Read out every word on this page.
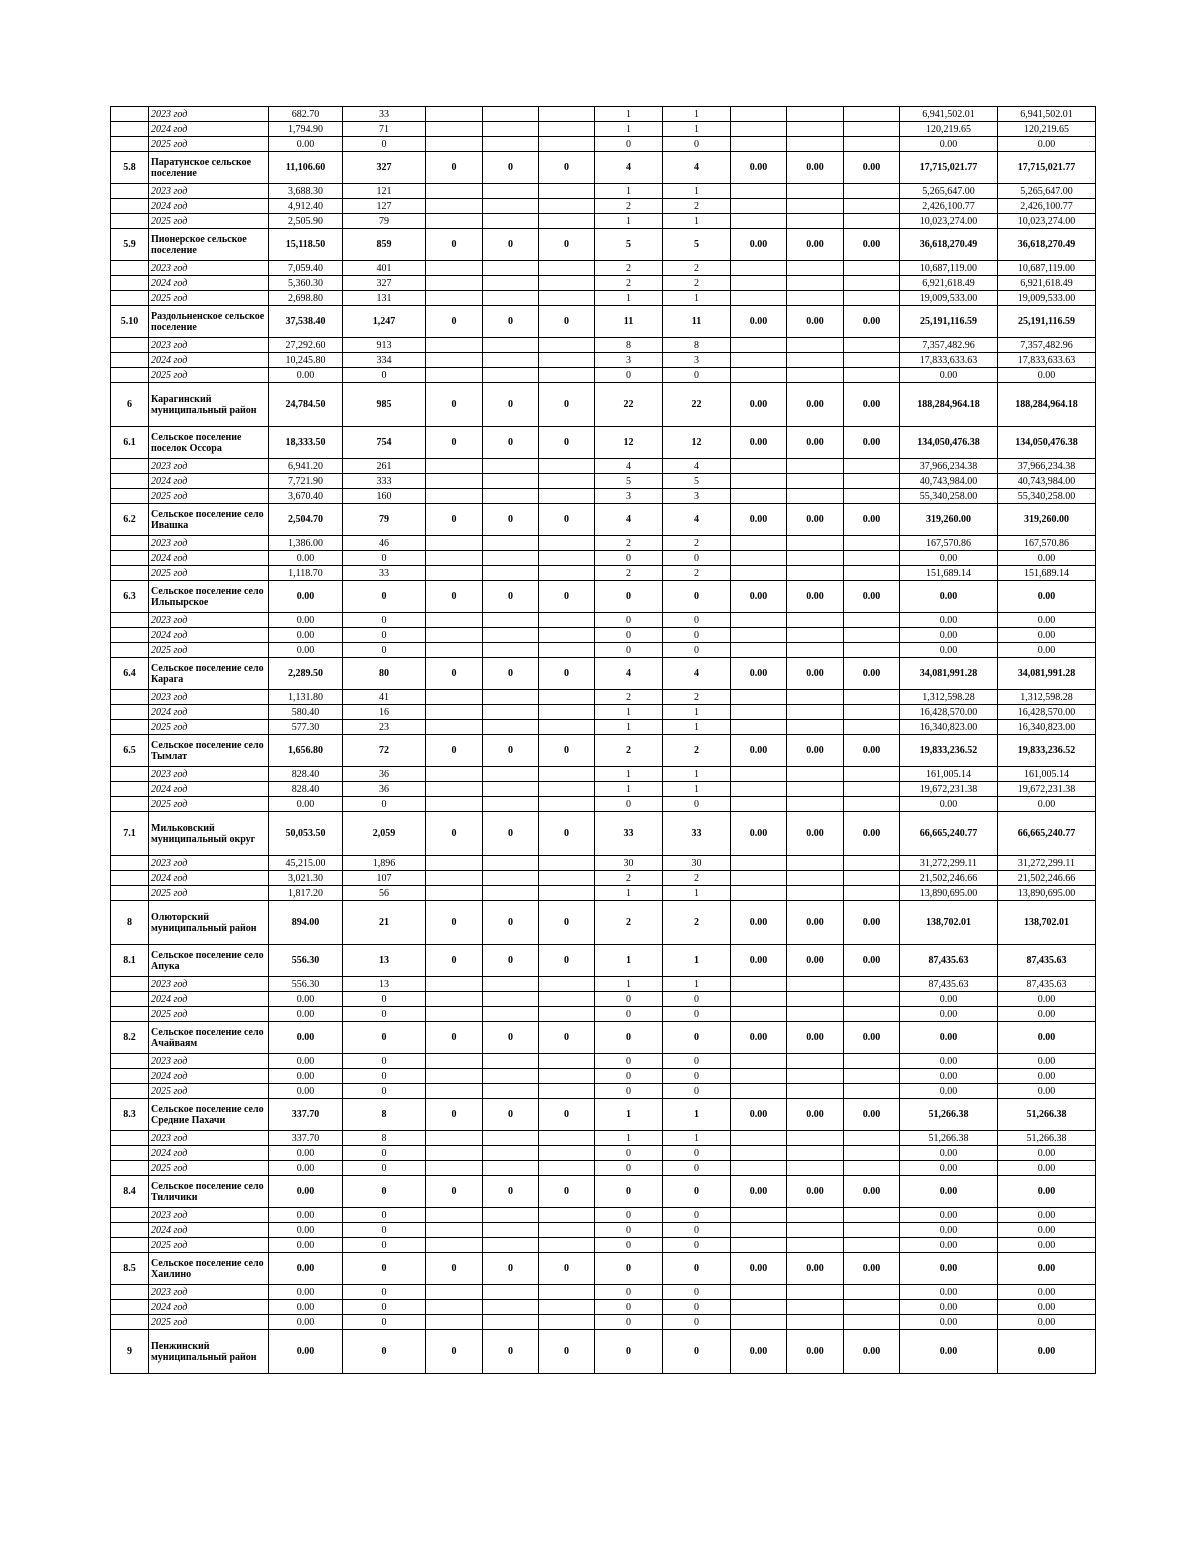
	2023 год	682.70	33				1	1				6,941,502.01	6,941,502.01
	2024 год	1,794.90	71				1	1				120,219.65	120,219.65
	2025 год	0.00	0				0	0				0.00	0.00
5.8	Паратунское сельское поселение	11,106.60	327	0	0	0	4	4	0.00	0.00	0.00	17,715,021.77	17,715,021.77
	2023 год	3,688.30	121				1	1				5,265,647.00	5,265,647.00
	2024 год	4,912.40	127				2	2				2,426,100.77	2,426,100.77
	2025 год	2,505.90	79				1	1				10,023,274.00	10,023,274.00
5.9	Пионерское сельское поселение	15,118.50	859	0	0	0	5	5	0.00	0.00	0.00	36,618,270.49	36,618,270.49
	2023 год	7,059.40	401				2	2				10,687,119.00	10,687,119.00
	2024 год	5,360.30	327				2	2				6,921,618.49	6,921,618.49
	2025 год	2,698.80	131				1	1				19,009,533.00	19,009,533.00
5.10	Раздольненское сельское поселение	37,538.40	1,247	0	0	0	11	11	0.00	0.00	0.00	25,191,116.59	25,191,116.59
	2023 год	27,292.60	913				8	8				7,357,482.96	7,357,482.96
	2024 год	10,245.80	334				3	3				17,833,633.63	17,833,633.63
	2025 год	0.00	0				0	0				0.00	0.00
6	Карагинский муниципальный район	24,784.50	985	0	0	0	22	22	0.00	0.00	0.00	188,284,964.18	188,284,964.18
6.1	Сельское поселение поселок Оссора	18,333.50	754	0	0	0	12	12	0.00	0.00	0.00	134,050,476.38	134,050,476.38
	2023 год	6,941.20	261				4	4				37,966,234.38	37,966,234.38
	2024 год	7,721.90	333				5	5				40,743,984.00	40,743,984.00
	2025 год	3,670.40	160				3	3				55,340,258.00	55,340,258.00
6.2	Сельское поселение село Ивашка	2,504.70	79	0	0	0	4	4	0.00	0.00	0.00	319,260.00	319,260.00
	2023 год	1,386.00	46				2	2				167,570.86	167,570.86
	2024 год	0.00	0				0	0				0.00	0.00
	2025 год	1,118.70	33				2	2				151,689.14	151,689.14
6.3	Сельское поселение село Ильпырское	0.00	0	0	0	0	0	0	0.00	0.00	0.00	0.00	0.00
	2023 год	0.00	0				0	0				0.00	0.00
	2024 год	0.00	0				0	0				0.00	0.00
	2025 год	0.00	0				0	0				0.00	0.00
6.4	Сельское поселение село Карага	2,289.50	80	0	0	0	4	4	0.00	0.00	0.00	34,081,991.28	34,081,991.28
	2023 год	1,131.80	41				2	2				1,312,598.28	1,312,598.28
	2024 год	580.40	16				1	1				16,428,570.00	16,428,570.00
	2025 год	577.30	23				1	1				16,340,823.00	16,340,823.00
6.5	Сельское поселение село Тымлат	1,656.80	72	0	0	0	2	2	0.00	0.00	0.00	19,833,236.52	19,833,236.52
	2023 год	828.40	36				1	1				161,005.14	161,005.14
	2024 год	828.40	36				1	1				19,672,231.38	19,672,231.38
	2025 год	0.00	0				0	0				0.00	0.00
7.1	Мильковский муниципальный округ	50,053.50	2,059	0	0	0	33	33	0.00	0.00	0.00	66,665,240.77	66,665,240.77
	2023 год	45,215.00	1,896				30	30				31,272,299.11	31,272,299.11
	2024 год	3,021.30	107				2	2				21,502,246.66	21,502,246.66
	2025 год	1,817.20	56				1	1				13,890,695.00	13,890,695.00
8	Олюторский муниципальный район	894.00	21	0	0	0	2	2	0.00	0.00	0.00	138,702.01	138,702.01
8.1	Сельское поселение село Апука	556.30	13	0	0	0	1	1	0.00	0.00	0.00	87,435.63	87,435.63
	2023 год	556.30	13				1	1				87,435.63	87,435.63
	2024 год	0.00	0				0	0				0.00	0.00
	2025 год	0.00	0				0	0				0.00	0.00
8.2	Сельское поселение село Ачайваям	0.00	0	0	0	0	0	0	0.00	0.00	0.00	0.00	0.00
	2023 год	0.00	0				0	0				0.00	0.00
	2024 год	0.00	0				0	0				0.00	0.00
	2025 год	0.00	0				0	0				0.00	0.00
8.3	Сельское поселение село Средние Пахачи	337.70	8	0	0	0	1	1	0.00	0.00	0.00	51,266.38	51,266.38
	2023 год	337.70	8				1	1				51,266.38	51,266.38
	2024 год	0.00	0				0	0				0.00	0.00
	2025 год	0.00	0				0	0				0.00	0.00
8.4	Сельское поселение село Тиличики	0.00	0	0	0	0	0	0	0.00	0.00	0.00	0.00	0.00
	2023 год	0.00	0				0	0				0.00	0.00
	2024 год	0.00	0				0	0				0.00	0.00
	2025 год	0.00	0				0	0				0.00	0.00
8.5	Сельское поселение село Хаилино	0.00	0	0	0	0	0	0	0.00	0.00	0.00	0.00	0.00
	2023 год	0.00	0				0	0				0.00	0.00
	2024 год	0.00	0				0	0				0.00	0.00
	2025 год	0.00	0				0	0				0.00	0.00
9	Пенжинский муниципальный район	0.00	0	0	0	0	0	0	0.00	0.00	0.00	0.00	0.00
